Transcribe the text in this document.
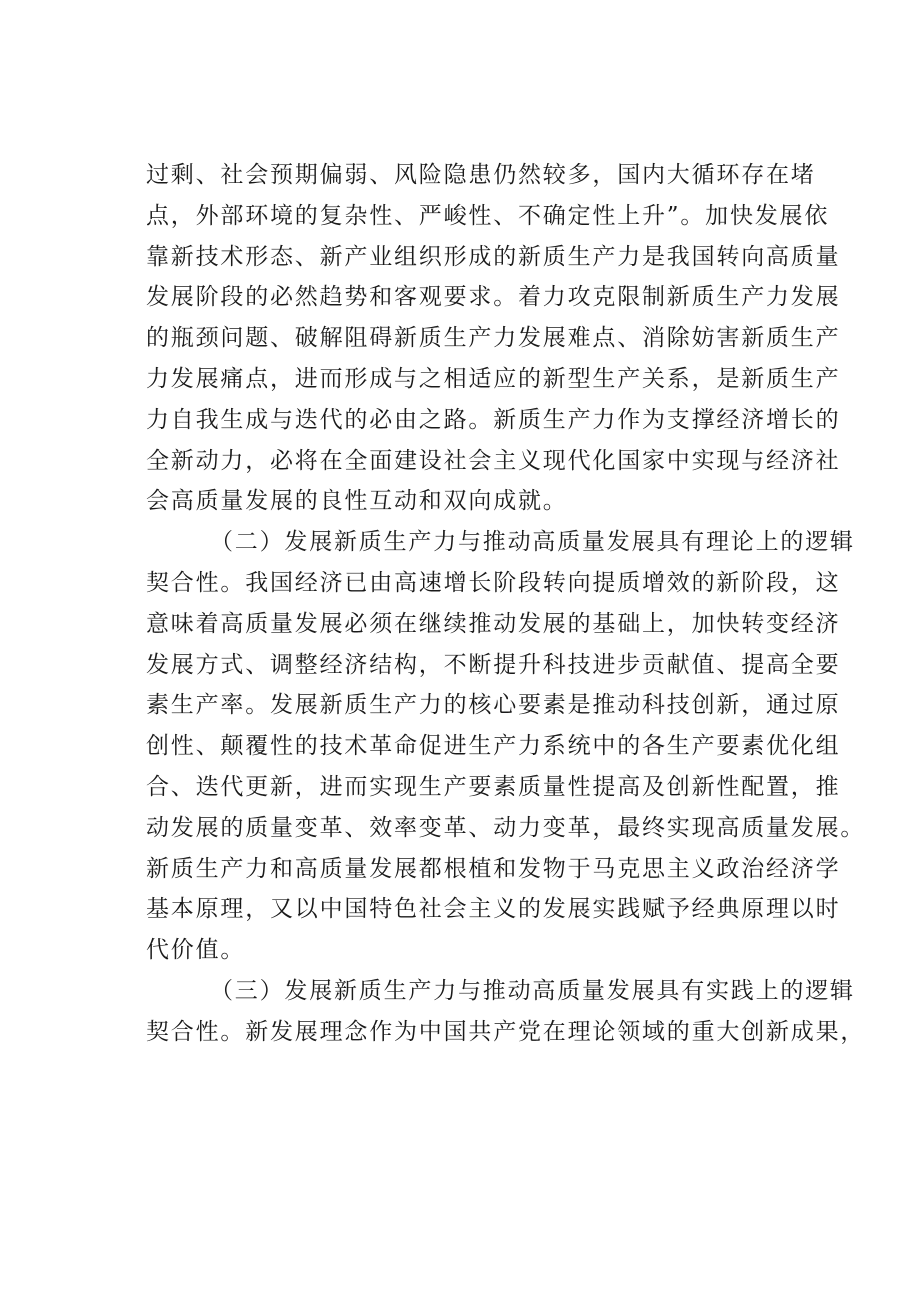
过剩、社会预期偏弱、风险隐患仍然较多，国内大循环存在堵
点，外部环境的复杂性、严峻性、不确定性上升”。加快发展依
靠新技术形态、新产业组织形成的新质生产力是我国转向高质量
发展阶段的必然趋势和客观要求。着力攻克限制新质生产力发展
的瓶颈问题、破解阻碍新质生产力发展难点、消除妨害新质生产
力发展痛点，进而形成与之相适应的新型生产关系，是新质生产
力自我生成与迭代的必由之路。新质生产力作为支撑经济增长的
全新动力，必将在全面建设社会主义现代化国家中实现与经济社
会高质量发展的良性互动和双向成就。
（二）发展新质生产力与推动高质量发展具有理论上的逻辑
契合性。我国经济已由高速增长阶段转向提质增效的新阶段，这
意味着高质量发展必须在继续推动发展的基础上，加快转变经济
发展方式、调整经济结构，不断提升科技进步贡献值、提高全要
素生产率。发展新质生产力的核心要素是推动科技创新，通过原
创性、颠覆性的技术革命促进生产力系统中的各生产要素优化组
合、迭代更新，进而实现生产要素质量性提高及创新性配置，推
动发展的质量变革、效率变革、动力变革，最终实现高质量发展。
新质生产力和高质量发展都根植和发物于马克思主义政治经济学
基本原理，又以中国特色社会主义的发展实践赋予经典原理以时
代价值。
（三）发展新质生产力与推动高质量发展具有实践上的逻辑
契合性。新发展理念作为中国共产党在理论领域的重大创新成果，
